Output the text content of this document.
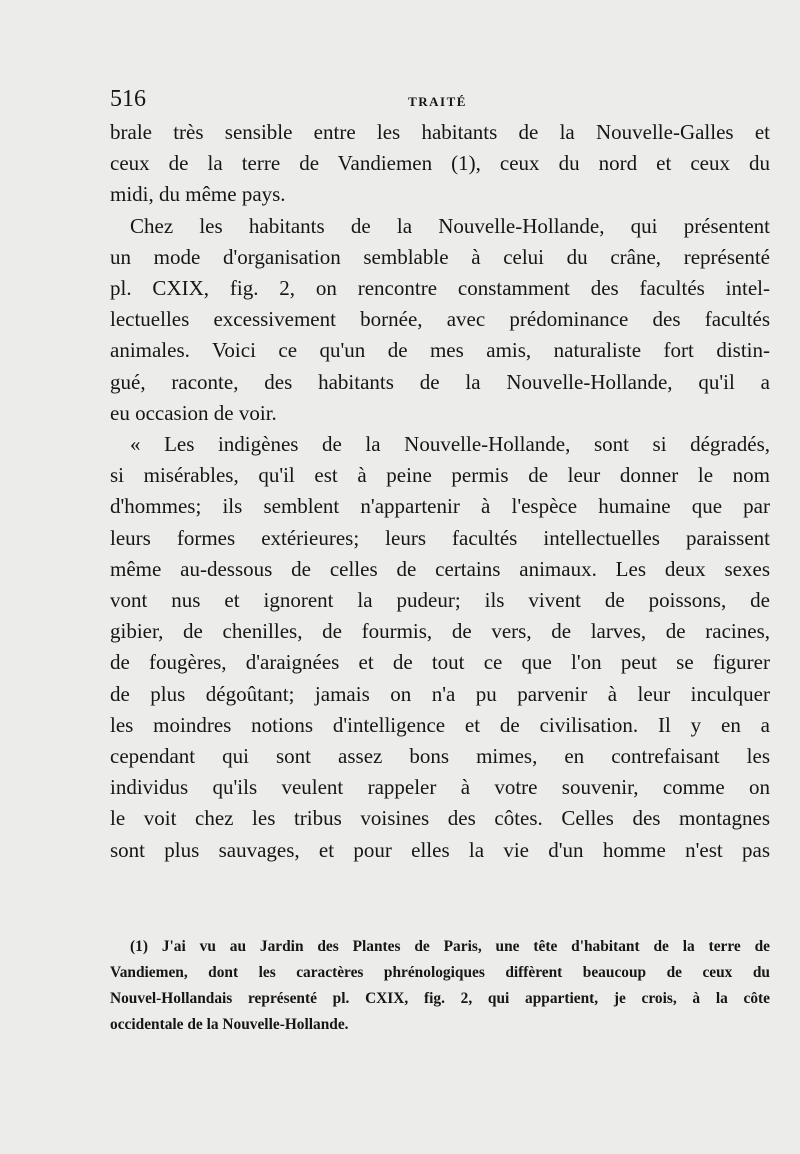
516	TRAITÉ
brale très sensible entre les habitants de la Nouvelle-Galles et
ceux de la terre de Vandiemen (1), ceux du nord et ceux du
midi, du même pays.
Chez les habitants de la Nouvelle-Hollande, qui présentent
un mode d'organisation semblable à celui du crâne, représenté
pl. CXIX, fig. 2, on rencontre constamment des facultés intel-
lectuelles excessivement bornée, avec prédominance des facultés
animales. Voici ce qu'un de mes amis, naturaliste fort distin-
gué, raconte, des habitants de la Nouvelle-Hollande, qu'il a
eu occasion de voir.
« Les indigènes de la Nouvelle-Hollande, sont si dégradés,
si misérables, qu'il est à peine permis de leur donner le nom
d'hommes; ils semblent n'appartenir à l'espèce humaine que par
leurs formes extérieures; leurs facultés intellectuelles paraissent
même au-dessous de celles de certains animaux. Les deux sexes
vont nus et ignorent la pudeur; ils vivent de poissons, de
gibier, de chenilles, de fourmis, de vers, de larves, de racines,
de fougères, d'araignées et de tout ce que l'on peut se figurer
de plus dégoûtant; jamais on n'a pu parvenir à leur inculquer
les moindres notions d'intelligence et de civilisation. Il y en a
cependant qui sont assez bons mimes, en contrefaisant les
individus qu'ils veulent rappeler à votre souvenir, comme on
le voit chez les tribus voisines des côtes. Celles des montagnes
sont plus sauvages, et pour elles la vie d'un homme n'est pas
(1) J'ai vu au Jardin des Plantes de Paris, une tête d'habitant de la terre de
Vandiemen, dont les caractères phrénologiques diffèrent beaucoup de ceux du
Nouvel-Hollandais représenté pl. CXIX, fig. 2, qui appartient, je crois, à la côte
occidentale de la Nouvelle-Hollande.
